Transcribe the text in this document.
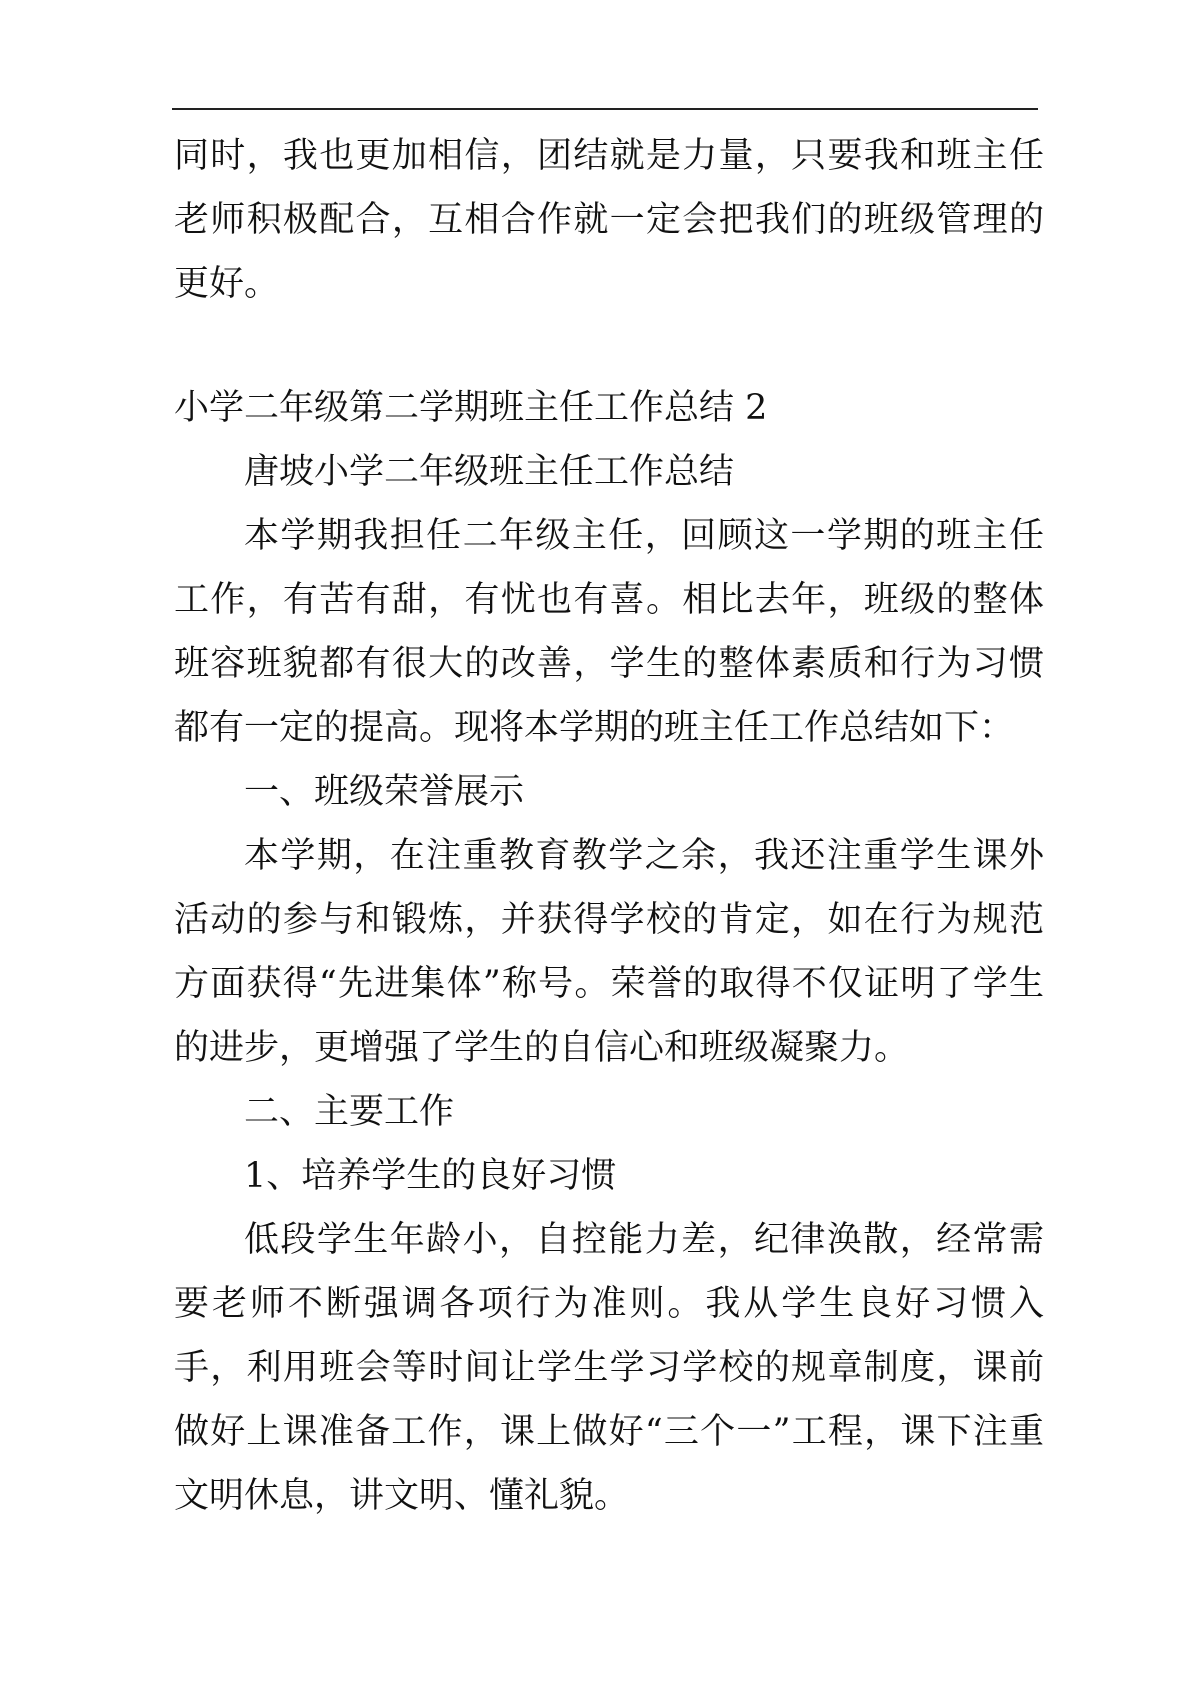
同时，我也更加相信，团结就是力量，只要我和班主任老师积极配合，互相合作就一定会把我们的班级管理的更好。

小学二年级第二学期班主任工作总结 2

唐坡小学二年级班主任工作总结

本学期我担任二年级主任，回顾这一学期的班主任工作，有苦有甜，有忧也有喜。相比去年，班级的整体班容班貌都有很大的改善，学生的整体素质和行为习惯都有一定的提高。现将本学期的班主任工作总结如下：

一、班级荣誉展示

本学期，在注重教育教学之余，我还注重学生课外活动的参与和锻炼，并获得学校的肯定，如在行为规范方面获得“先进集体”称号。荣誉的取得不仅证明了学生的进步，更增强了学生的自信心和班级凝聚力。

二、主要工作

1、培养学生的良好习惯

低段学生年龄小，自控能力差，纪律涣散，经常需要老师不断强调各项行为准则。我从学生良好习惯入手，利用班会等时间让学生学习学校的规章制度，课前做好上课准备工作，课上做好“三个一”工程，课下注重文明休息，讲文明、懂礼貌。
